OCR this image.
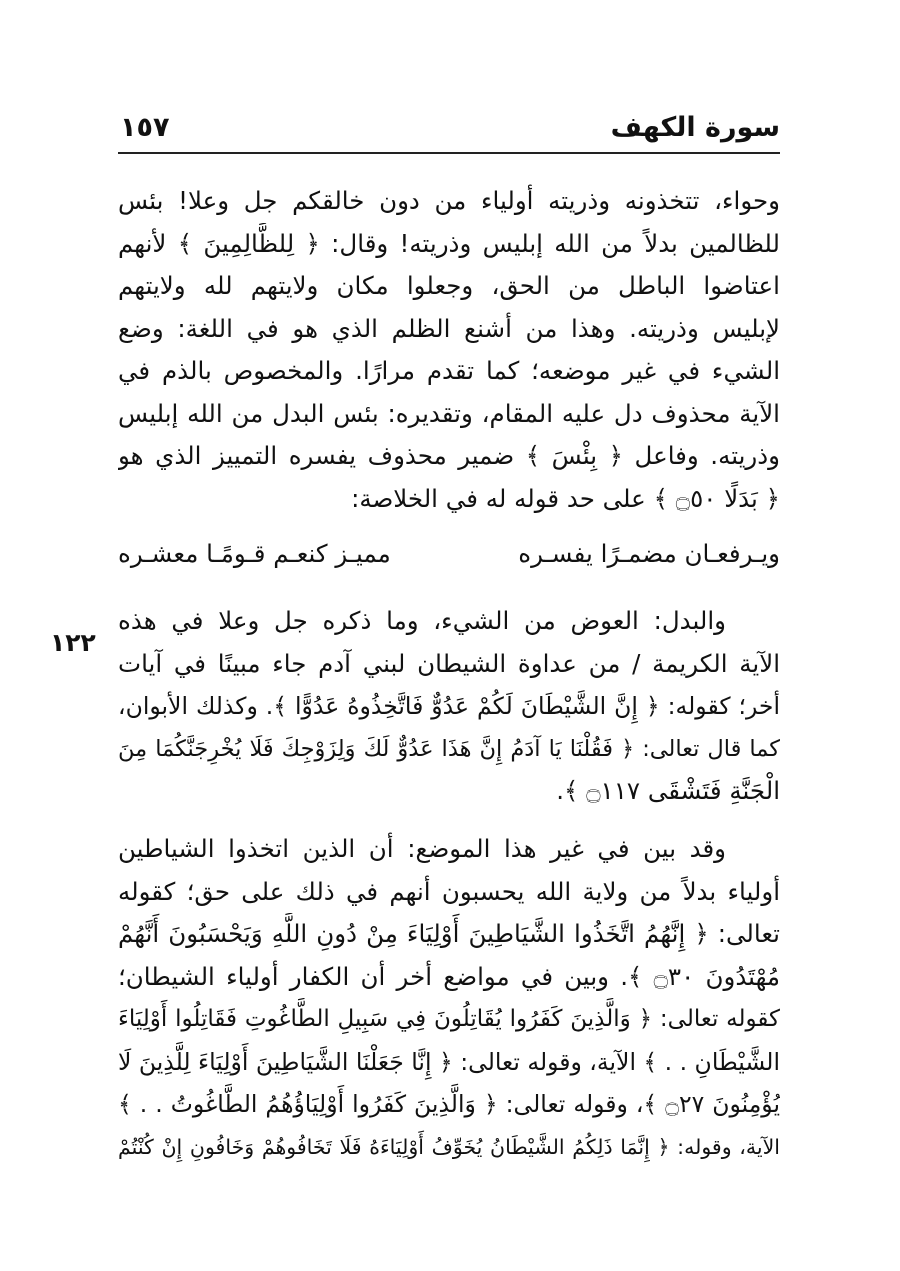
سورة الكهف
١٥٧
١٢٢
وحواء، تتخذونه وذريته أولياء من دون خالقكم جل وعلا! بئس
للظالمين بدلاً من الله إبليس وذريته! وقال: ﴿ لِلظَّالِمِينَ ﴾ لأنهم
اعتاضوا الباطل من الحق، وجعلوا مكان ولايتهم لله ولايتهم
لإبليس وذريته. وهذا من أشنع الظلم الذي هو في اللغة: وضع
الشيء في غير موضعه؛ كما تقدم مرارًا. والمخصوص بالذم في
الآية محذوف دل عليه المقام، وتقديره: بئس البدل من الله إبليس
وذريته. وفاعل ﴿ بِئْسَ ﴾ ضمير محذوف يفسره التمييز الذي هو
﴿ بَدَلًا ۝٥٠ ﴾ على حد قوله له في الخلاصة:
ويـرفعـان مضمـرًا يفسـره
مميـز كنعـم قـومًـا معشـره
والبدل: العوض من الشيء، وما ذكره جل وعلا في هذه
الآية الكريمة / من عداوة الشيطان لبني آدم جاء مبينًا في آيات
أخر؛ كقوله: ﴿ إِنَّ الشَّيْطَانَ لَكُمْ عَدُوٌّ فَاتَّخِذُوهُ عَدُوًّا ﴾. وكذلك الأبوان،
كما قال تعالى: ﴿ فَقُلْنَا يَا آدَمُ إِنَّ هَذَا عَدُوٌّ لَكَ وَلِزَوْجِكَ فَلَا يُخْرِجَنَّكُمَا مِنَ
الْجَنَّةِ فَتَشْقَى ۝١١٧ ﴾.
وقد بين في غير هذا الموضع: أن الذين اتخذوا الشياطين
أولياء بدلاً من ولاية الله يحسبون أنهم في ذلك على حق؛ كقوله
تعالى: ﴿ إِنَّهُمُ اتَّخَذُوا الشَّيَاطِينَ أَوْلِيَاءَ مِنْ دُونِ اللَّهِ وَيَحْسَبُونَ أَنَّهُمْ
مُهْتَدُونَ ۝٣٠ ﴾. وبين في مواضع أخر أن الكفار أولياء الشيطان؛
كقوله تعالى: ﴿ وَالَّذِينَ كَفَرُوا يُقَاتِلُونَ فِي سَبِيلِ الطَّاغُوتِ فَقَاتِلُوا أَوْلِيَاءَ
الشَّيْطَانِ . . ﴾ الآية، وقوله تعالى: ﴿ إِنَّا جَعَلْنَا الشَّيَاطِينَ أَوْلِيَاءَ لِلَّذِينَ لَا
يُؤْمِنُونَ ۝٢٧ ﴾، وقوله تعالى: ﴿ وَالَّذِينَ كَفَرُوا أَوْلِيَاؤُهُمُ الطَّاغُوتُ . . ﴾
الآية، وقوله: ﴿ إِنَّمَا ذَلِكُمُ الشَّيْطَانُ يُخَوِّفُ أَوْلِيَاءَهُ فَلَا تَخَافُوهُمْ وَخَافُونِ إِنْ كُنْتُمْ
